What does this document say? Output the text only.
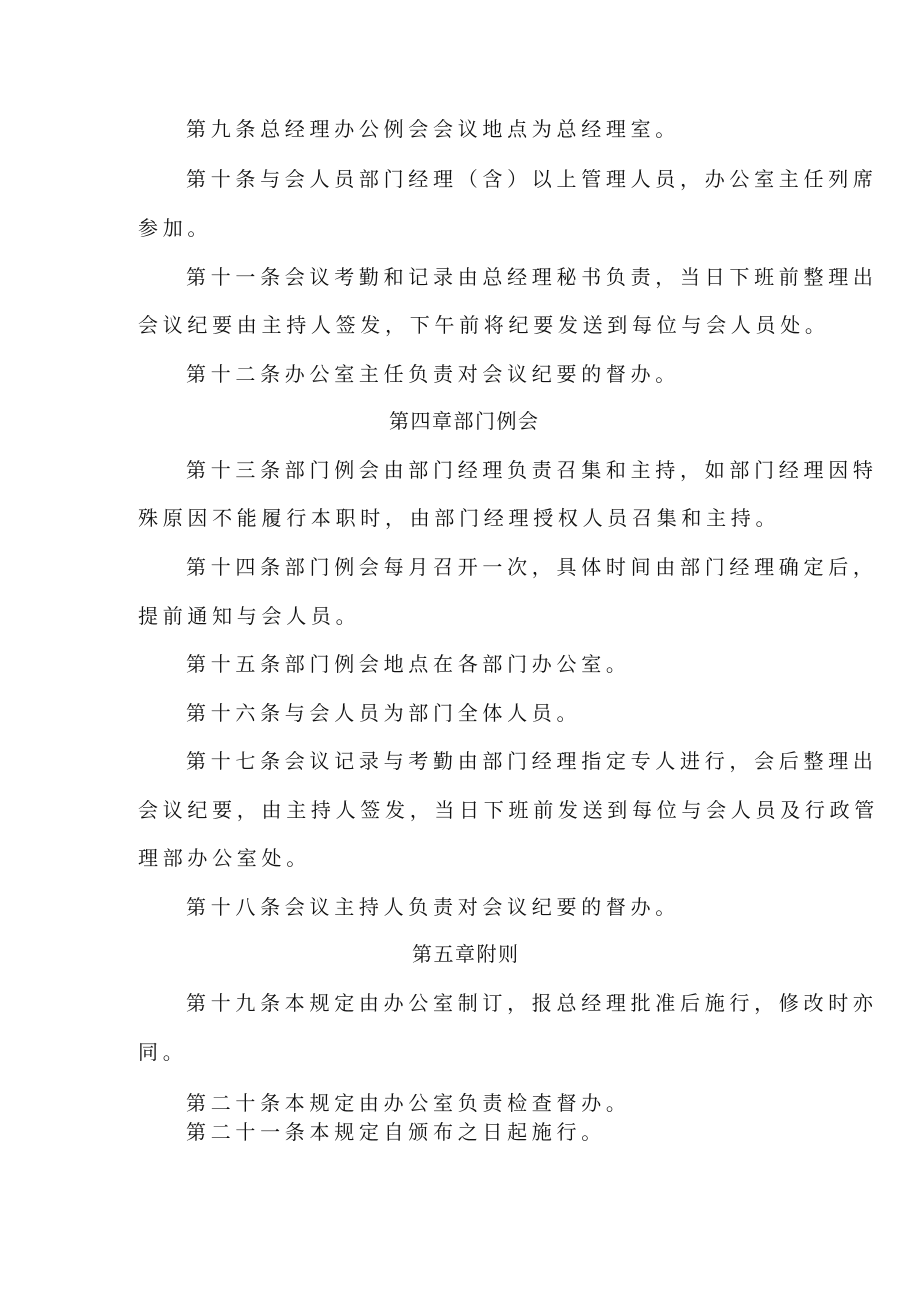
第九条总经理办公例会会议地点为总经理室。
第十条与会人员部门经理（含）以上管理人员，办公室主任列席
参加。
第十一条会议考勤和记录由总经理秘书负责，当日下班前整理出
会议纪要由主持人签发，下午前将纪要发送到每位与会人员处。
第十二条办公室主任负责对会议纪要的督办。
第四章部门例会
第十三条部门例会由部门经理负责召集和主持，如部门经理因特
殊原因不能履行本职时，由部门经理授权人员召集和主持。
第十四条部门例会每月召开一次，具体时间由部门经理确定后，
提前通知与会人员。
第十五条部门例会地点在各部门办公室。
第十六条与会人员为部门全体人员。
第十七条会议记录与考勤由部门经理指定专人进行，会后整理出
会议纪要，由主持人签发，当日下班前发送到每位与会人员及行政管
理部办公室处。
第十八条会议主持人负责对会议纪要的督办。
第五章附则
第十九条本规定由办公室制订，报总经理批准后施行，修改时亦
同。
第二十条本规定由办公室负责检查督办。
第二十一条本规定自颁布之日起施行。
